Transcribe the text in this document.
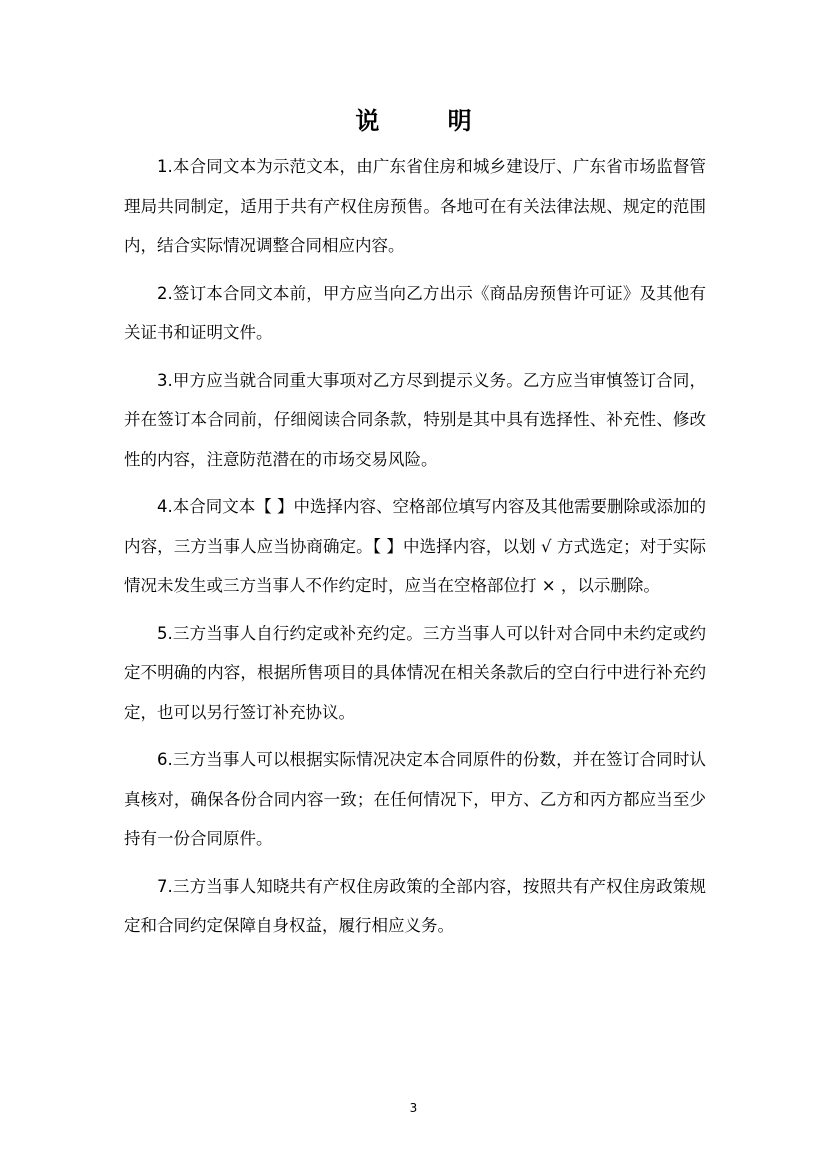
说 明

1.本合同文本为示范文本，由广东省住房和城乡建设厅、广东省市场监督管理局共同制定，适用于共有产权住房预售。各地可在有关法律法规、规定的范围内，结合实际情况调整合同相应内容。

2.签订本合同文本前，甲方应当向乙方出示《商品房预售许可证》及其他有关证书和证明文件。

3.甲方应当就合同重大事项对乙方尽到提示义务。乙方应当审慎签订合同，并在签订本合同前，仔细阅读合同条款，特别是其中具有选择性、补充性、修改性的内容，注意防范潜在的市场交易风险。

4.本合同文本【 】中选择内容、空格部位填写内容及其他需要删除或添加的内容，三方当事人应当协商确定。【 】中选择内容，以划 √ 方式选定；对于实际情况未发生或三方当事人不作约定时，应当在空格部位打 × ，以示删除。

5.三方当事人自行约定或补充约定。三方当事人可以针对合同中未约定或约定不明确的内容，根据所售项目的具体情况在相关条款后的空白行中进行补充约定，也可以另行签订补充协议。

6.三方当事人可以根据实际情况决定本合同原件的份数，并在签订合同时认真核对，确保各份合同内容一致；在任何情况下，甲方、乙方和丙方都应当至少持有一份合同原件。

7.三方当事人知晓共有产权住房政策的全部内容，按照共有产权住房政策规定和合同约定保障自身权益，履行相应义务。

3
